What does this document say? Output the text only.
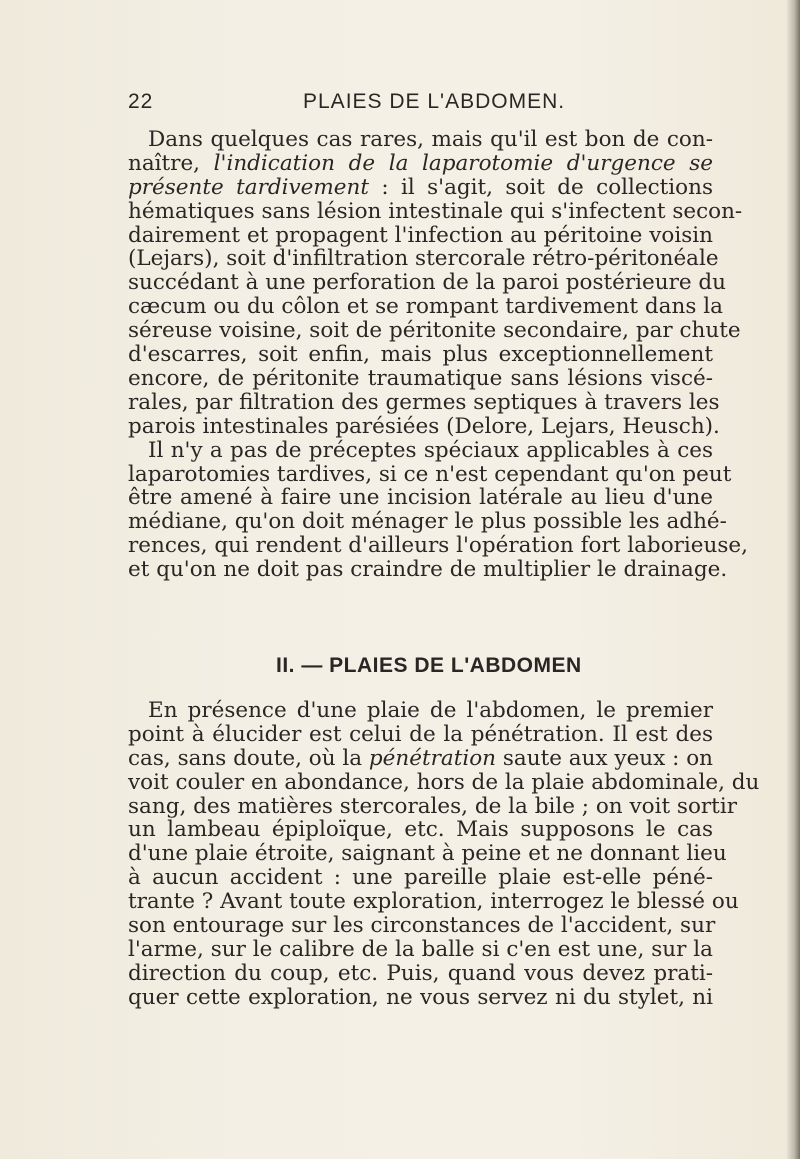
22	PLAIES DE L'ABDOMEN.
Dans quelques cas rares, mais qu'il est bon de con-
naître, l'indication de la laparotomie d'urgence se
présente tardivement : il s'agit, soit de collections
hématiques sans lésion intestinale qui s'infectent secon-
dairement et propagent l'infection au péritoine voisin
(Lejars), soit d'infiltration stercorale rétro-péritonéale
succédant à une perforation de la paroi postérieure du
cæcum ou du côlon et se rompant tardivement dans la
séreuse voisine, soit de péritonite secondaire, par chute
d'escarres, soit enfin, mais plus exceptionnellement
encore, de péritonite traumatique sans lésions viscé-
rales, par filtration des germes septiques à travers les
parois intestinales parésiées (Delore, Lejars, Heusch).
Il n'y a pas de préceptes spéciaux applicables à ces
laparotomies tardives, si ce n'est cependant qu'on peut
être amené à faire une incision latérale au lieu d'une
médiane, qu'on doit ménager le plus possible les adhé-
rences, qui rendent d'ailleurs l'opération fort laborieuse,
et qu'on ne doit pas craindre de multiplier le drainage.
II. — PLAIES DE L'ABDOMEN
En présence d'une plaie de l'abdomen, le premier
point à élucider est celui de la pénétration. Il est des
cas, sans doute, où la pénétration saute aux yeux : on
voit couler en abondance, hors de la plaie abdominale, du
sang, des matières stercorales, de la bile ; on voit sortir
un lambeau épiploïque, etc. Mais supposons le cas
d'une plaie étroite, saignant à peine et ne donnant lieu
à aucun accident : une pareille plaie est-elle péné-
trante ? Avant toute exploration, interrogez le blessé ou
son entourage sur les circonstances de l'accident, sur
l'arme, sur le calibre de la balle si c'en est une, sur la
direction du coup, etc. Puis, quand vous devez prati-
quer cette exploration, ne vous servez ni du stylet, ni
